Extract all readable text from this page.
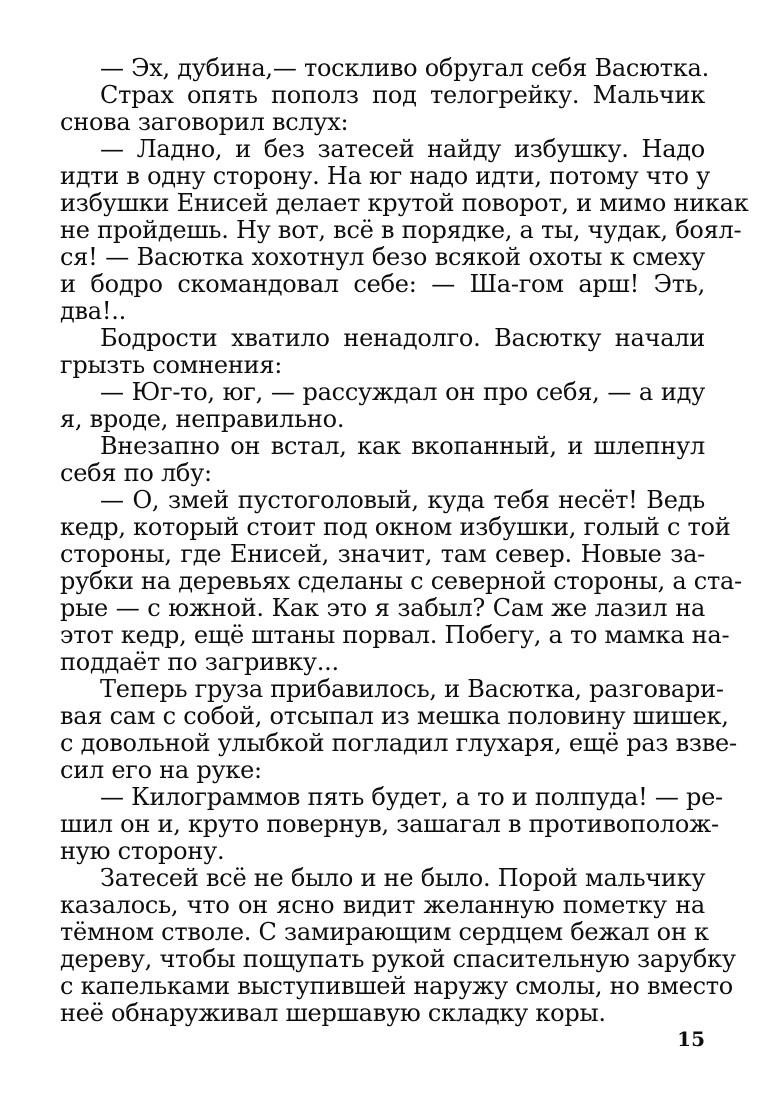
— Эх, дубина,— тоскливо обругал себя Васютка.
Страх опять пополз под телогрейку. Мальчик
снова заговорил вслух:
— Ладно, и без затесей найду избушку. Надо
идти в одну сторону. На юг надо идти, потому что у
избушки Енисей делает крутой поворот, и мимо никак
не пройдешь. Ну вот, всё в порядке, а ты, чудак, боял-
ся! — Васютка хохотнул безо всякой охоты к смеху
и бодро скомандовал себе: — Ша-гом арш! Эть,
два!..
Бодрости хватило ненадолго. Васютку начали
грызть сомнения:
— Юг-то, юг, — рассуждал он про себя, — а иду
я, вроде, неправильно.
Внезапно он встал, как вкопанный, и шлепнул
себя по лбу:
— О, змей пустоголовый, куда тебя несёт! Ведь
кедр, который стоит под окном избушки, голый с той
стороны, где Енисей, значит, там север. Новые за-
рубки на деревьях сделаны с северной стороны, а ста-
рые — с южной. Как это я забыл? Сам же лазил на
этот кедр, ещё штаны порвал. Побегу, а то мамка на-
поддаёт по загривку...
Теперь груза прибавилось, и Васютка, разговари-
вая сам с собой, отсыпал из мешка половину шишек,
с довольной улыбкой погладил глухаря, ещё раз взве-
сил его на руке:
— Килограммов пять будет, а то и полпуда! — ре-
шил он и, круто повернув, зашагал в противополож-
ную сторону.
Затесей всё не было и не было. Порой мальчику
казалось, что он ясно видит желанную пометку на
тёмном стволе. С замирающим сердцем бежал он к
дереву, чтобы пощупать рукой спасительную зарубку
с капельками выступившей наружу смолы, но вместо
неё обнаруживал шершавую складку коры.
15
